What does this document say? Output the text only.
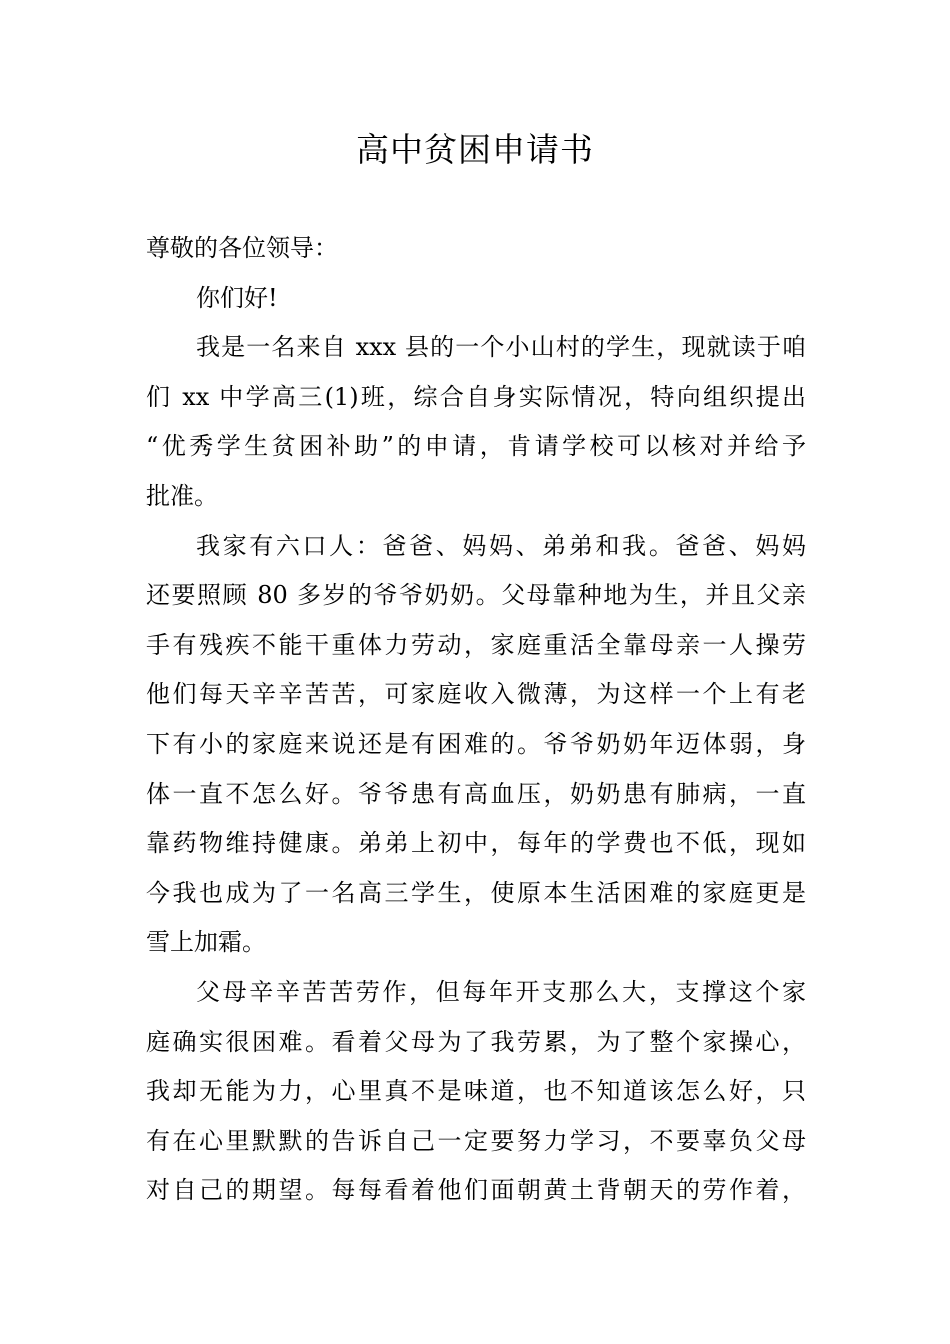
高中贫困申请书
尊敬的各位领导：
你们好!
我是一名来自 xxx 县的一个小山村的学生，现就读于咱
们 xx 中学高三(1)班，综合自身实际情况，特向组织提出
“优秀学生贫困补助”的申请，肯请学校可以核对并给予
批准。
我家有六口人：爸爸、妈妈、弟弟和我。爸爸、妈妈
还要照顾 80 多岁的爷爷奶奶。父母靠种地为生，并且父亲
手有残疾不能干重体力劳动，家庭重活全靠母亲一人操劳
他们每天辛辛苦苦，可家庭收入微薄，为这样一个上有老
下有小的家庭来说还是有困难的。爷爷奶奶年迈体弱，身
体一直不怎么好。爷爷患有高血压，奶奶患有肺病，一直
靠药物维持健康。弟弟上初中，每年的学费也不低，现如
今我也成为了一名高三学生，使原本生活困难的家庭更是
雪上加霜。
父母辛辛苦苦劳作，但每年开支那么大，支撑这个家
庭确实很困难。看着父母为了我劳累，为了整个家操心，
我却无能为力，心里真不是味道，也不知道该怎么好，只
有在心里默默的告诉自己一定要努力学习，不要辜负父母
对自己的期望。每每看着他们面朝黄土背朝天的劳作着，
